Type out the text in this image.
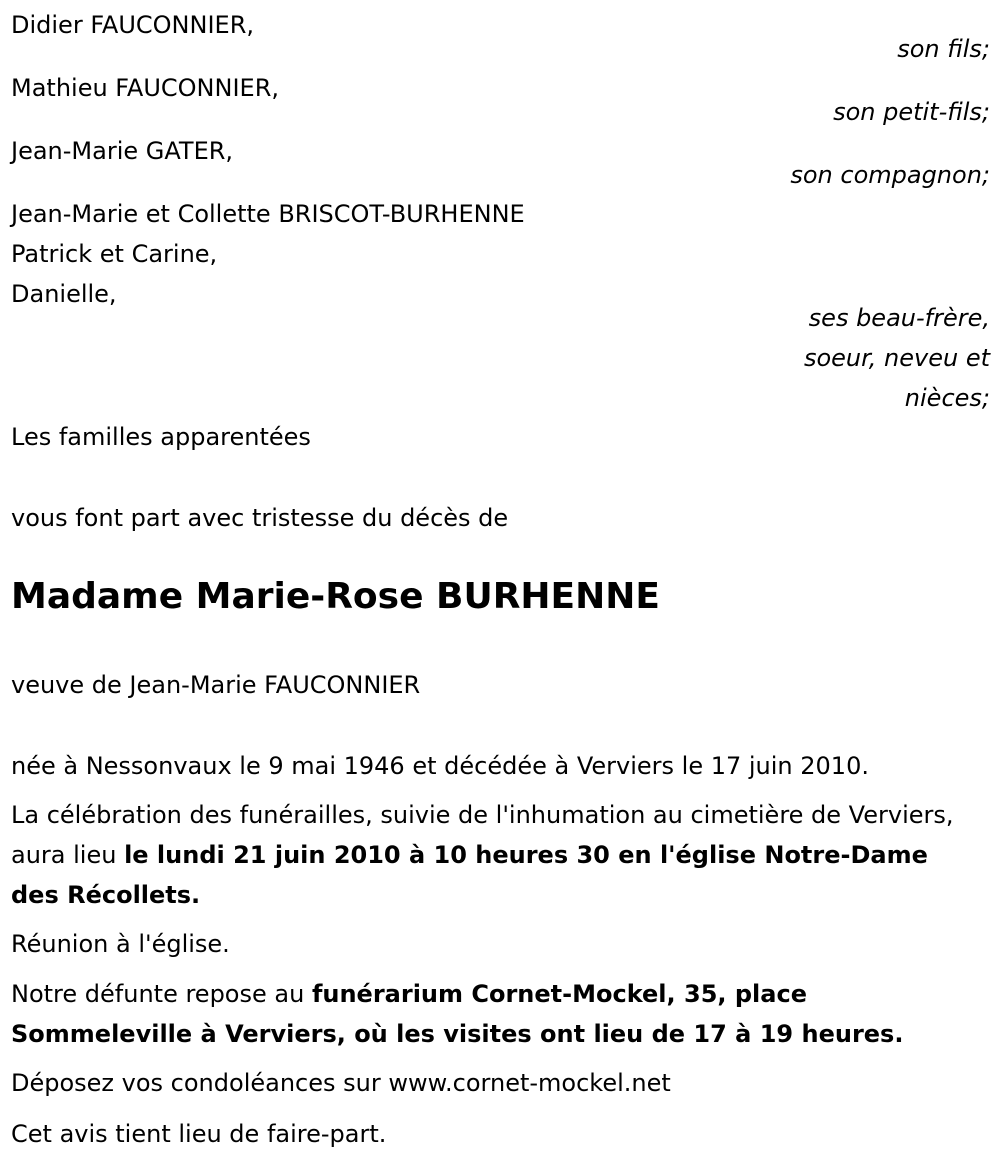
Didier FAUCONNIER,
son fils;
Mathieu FAUCONNIER,
son petit-fils;
Jean-Marie GATER,
son compagnon;
Jean-Marie et Collette BRISCOT-BURHENNE
Patrick et Carine,
Danielle,
ses beau-frère,
soeur, neveu et
nièces;
Les familles apparentées
vous font part avec tristesse du décès de
Madame Marie-Rose BURHENNE
veuve de Jean-Marie FAUCONNIER
née à Nessonvaux le 9 mai 1946 et décédée à Verviers le 17 juin 2010.
La célébration des funérailles, suivie de l'inhumation au cimetière de Verviers, aura lieu le lundi 21 juin 2010 à 10 heures 30 en l'église Notre-Dame des Récollets.
Réunion à l'église.
Notre défunte repose au funérarium Cornet-Mockel, 35, place Sommeleville à Verviers, où les visites ont lieu de 17 à 19 heures.
Déposez vos condoléances sur www.cornet-mockel.net
Cet avis tient lieu de faire-part.
